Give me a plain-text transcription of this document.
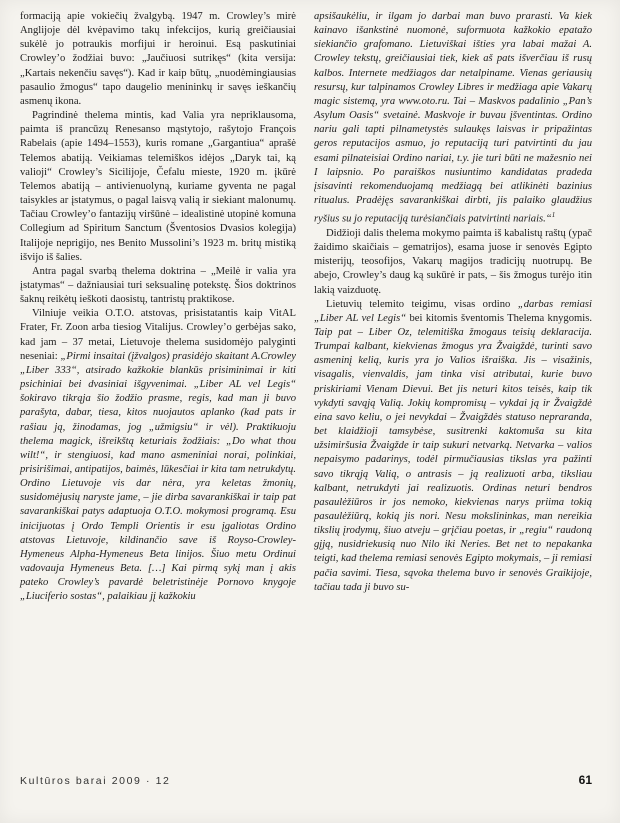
formaciją apie vokiečių žvalgybą. 1947 m. Crowley’s mirė Anglijoje dėl kvėpavimo takų infekcijos, kurią greičiausiai sukėlė jo potraukis morfijui ir heroinui. Esą paskutiniai Crowley’o žodžiai buvo: „Jaučiuosi sutrikęs“ (kita versija: „Kartais nekenčiu savęs“). Kad ir kaip būtų, „nuodėmingiausias pasaulio žmogus“ tapo daugelio menininkų ir savęs ieškančių asmenų ikona.

Pagrindinė thelema mintis, kad Valia yra nepriklausoma, paimta iš prancūzų Renesanso mąstytojo, rašytojo François Rabelais (apie 1494–1553), kuris romane „Gargantiua“ aprašė Telemos abatiją. Veikiamas telemiškos idėjos „Daryk tai, ką valioji“ Crowley’s Sicilijoje, Čefalu mieste, 1920 m. įkūrė Telemos abatiją – antivienuolyną, kuriame gyventa ne pagal taisykles ar įstatymus, o pagal laisvą valią ir siekiant malonumų. Tačiau Crowley’o fantazijų viršūnė – idealistinė utopinė komuna Collegium ad Spiritum Sanctum (Šventosios Dvasios kolegija) Italijoje neprigijo, nes Benito Mussolini’s 1923 m. britų mistiką išvijo iš šalies.

Antra pagal svarbą thelema doktrina – „Meilė ir valia yra įstatymas“ – dažniausiai turi seksualinę potekstę. Šios doktrinos šaknų reikėtų ieškoti daosistų, tantristų praktikose.

Vilniuje veikia O.T.O. atstovas, prisistatantis kaip VitAL Frater, Fr. Zoon arba tiesiog Vitalijus. Crowley’o gerbėjas sako, kad jam – 37 metai, Lietuvoje thelema susidomėjo palyginti neseniai: „Pirmi insaitai (įžvalgos) prasidėjo skaitant A.Crowley „Liber 333“, atsirado kažkokie blankūs prisiminimai ir kiti psichiniai bei dvasiniai išgyvenimai. „Liber AL vel Legis“ šokiravo tikrąja šio žodžio prasme, regis, kad man ji buvo parašyta, dabar, tiesa, kitos nuojautos aplanko (kad pats ir rašiau ją, žinodamas, jog „užmigsiu“ ir vėl). Praktikuoju thelema magick, išreikštą keturiais žodžiais: „Do what thou wilt!“, ir stengiuosi, kad mano asmeniniai norai, polinkiai, prisirišimai, antipatijos, baimės, lūkesčiai ir kita tam netrukdytų. Ordino Lietuvoje vis dar nėra, yra keletas žmonių, susidomėjusių naryste jame, – jie dirba savarankiškai ir taip pat savarankiškai patys adaptuoja O.T.O. mokymosi programą. Esu inicijuotas į Ordo Templi Orientis ir esu įgaliotas Ordino atstovas Lietuvoje, kildinančio save iš Royso-Crowley-Hymeneus Alpha-Hymeneus Beta linijos. Šiuo metu Ordinui vadovauja Hymeneus Beta. […] Kai pirmą sykį man į akis pateko Crowley’s pavardė beletristinėje Pornovo knygoje „Liuciferio sostas“, palaikiau jį kažkokiu

apsišaukėliu, ir ilgam jo darbai man buvo prarasti. Va kiek kainavo išankstinė nuomonė, suformuota kažkokio epatažo siekiančio grafomano. Lietuviškai išties yra labai mažai A. Crowley tekstų, greičiausiai tiek, kiek aš pats išverčiau iš rusų kalbos. Internete medžiagos dar netalpiname. Vienas geriausių resursų, kur talpinamos Crowley Libres ir medžiaga apie Vakarų magic sistemą, yra www.oto.ru. Tai – Maskvos padalinio „Pan’s Asylum Oasis“ svetainė. Maskvoje ir buvau įšventintas. Ordino nariu gali tapti pilnametystės sulaukęs laisvas ir pripažintas geros reputacijos asmuo, jo reputaciją turi patvirtinti du jau esami pilnateisiai Ordino nariai, t.y. jie turi būti ne mažesnio nei I laipsnio. Po paraiškos nusiuntimo kandidatas pradeda įsisavinti rekomenduojamą medžiagą bei atlikinėti bazinius ritualus. Pradėjęs savarankiškai dirbti, jis palaiko glaudžius ryšius su jo reputaciją turėsiančiais patvirtinti nariais.“$^1$

Didžioji dalis thelema mokymo paimta iš kabalistų raštų (ypač žaidimo skaičiais – gematrijos), esama juose ir senovės Egipto misterijų, teosofijos, Vakarų magijos tradicijų nuotrupų. Be abejo, Crowley’s daug ką sukūrė ir pats, – šis žmogus turėjo itin lakią vaizduotę.

Lietuvių telemito teigimu, visas ordino „darbas remiasi „Liber AL vel Legis“ bei kitomis šventomis Thelema knygomis. Taip pat – Liber Oz, telemitiška žmogaus teisių deklaracija. Trumpai kalbant, kiekvienas žmogus yra Žvaigždė, turinti savo asmeninį kelią, kuris yra jo Valios išraiška. Jis – visažinis, visagalis, vienvaldis, jam tinka visi atributai, kurie buvo priskiriami Vienam Dievui. Bet jis neturi kitos teisės, kaip tik vykdyti savąją Valią. Jokių kompromisų – vykdai ją ir Žvaigždė eina savo keliu, o jei nevykdai – Žvaigždės statuso nepraranda, bet klaidžioji tamsybėse, susitrenki kaktomuša su kita užsimiršusia Žvaigžde ir taip sukuri netvarką. Netvarka – valios nepaisymo padarinys, todėl pirmučiausias tikslas yra pažinti savo tikrąją Valią, o antrasis – ją realizuoti arba, tiksliau kalbant, netrukdyti jai realizuotis. Ordinas neturi bendros pasaulėžiūros ir jos nemoko, kiekvienas narys priima tokią pasaulėžiūrą, kokią jis nori. Nesu mokslininkas, man nereikia tikslių įrodymų, šiuo atveju – grįčiau poetas, ir „regiu“ raudoną gįją, nusidriekusią nuo Nilo iki Neries. Bet net to nepakanka teigti, kad thelema remiasi senovės Egipto mokymais, – ji remiasi pačia savimi. Tiesa, sąvoka thelema buvo ir senovės Graikijoje, tačiau tada ji buvo su-

Kultūros barai 2009 · 12	61
